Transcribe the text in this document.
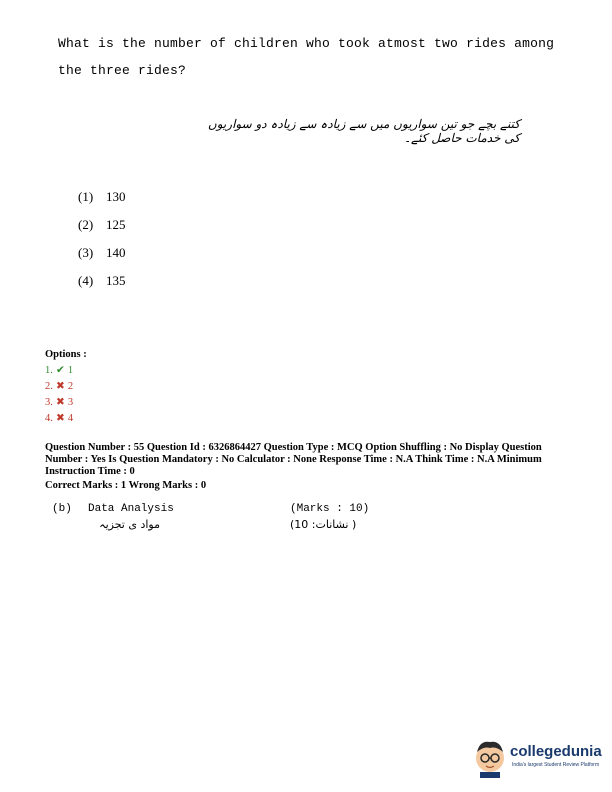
What is the number of children who took atmost two rides among
the three rides?
کتنے بچے جو تین سواریوں میں سے زیادہ سے زیادہ دو سواریوں کی خدمات حاصل کئے۔
(1) 130
(2) 125
(3) 140
(4) 135
Options :
1. ✔ 1
2. ✖ 2
3. ✖ 3
4. ✖ 4
Question Number : 55 Question Id : 6326864427 Question Type : MCQ Option Shuffling : No Display Question Number : Yes Is Question Mandatory : No Calculator : None Response Time : N.A Think Time : N.A Minimum Instruction Time : 0
Correct Marks : 1 Wrong Marks : 0
(b) Data Analysis
مواد ی تجزیہ
(Marks : 10)
( نشانات: 10)
collegedunia
India's largest Student Review Platform
